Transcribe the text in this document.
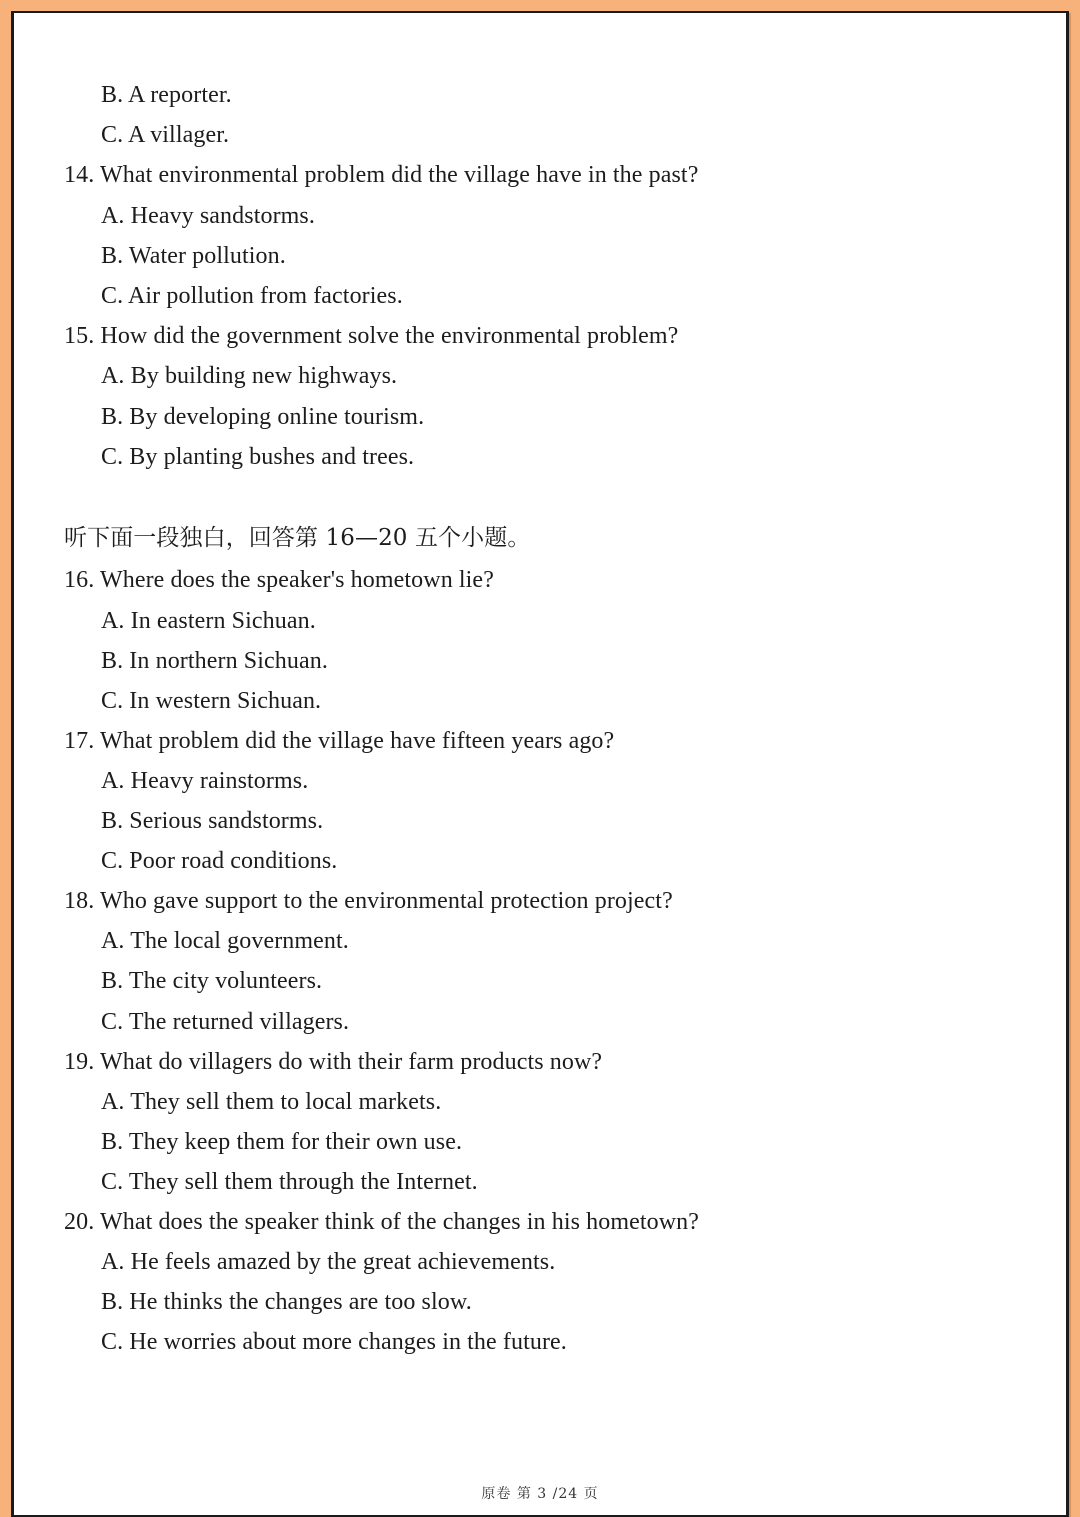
B. A reporter.
C. A villager.
14. What environmental problem did the village have in the past?
A. Heavy sandstorms.
B. Water pollution.
C. Air pollution from factories.
15. How did the government solve the environmental problem?
A. By building new highways.
B. By developing online tourism.
C. By planting bushes and trees.
听下面一段独白，回答第 16—20 五个小题。
16. Where does the speaker's hometown lie?
A. In eastern Sichuan.
B. In northern Sichuan.
C. In western Sichuan.
17. What problem did the village have fifteen years ago?
A. Heavy rainstorms.
B. Serious sandstorms.
C. Poor road conditions.
18. Who gave support to the environmental protection project?
A. The local government.
B. The city volunteers.
C. The returned villagers.
19. What do villagers do with their farm products now?
A. They sell them to local markets.
B. They keep them for their own use.
C. They sell them through the Internet.
20. What does the speaker think of the changes in his hometown?
A. He feels amazed by the great achievements.
B. He thinks the changes are too slow.
C. He worries about more changes in the future.
原卷 第 3 /24 页
